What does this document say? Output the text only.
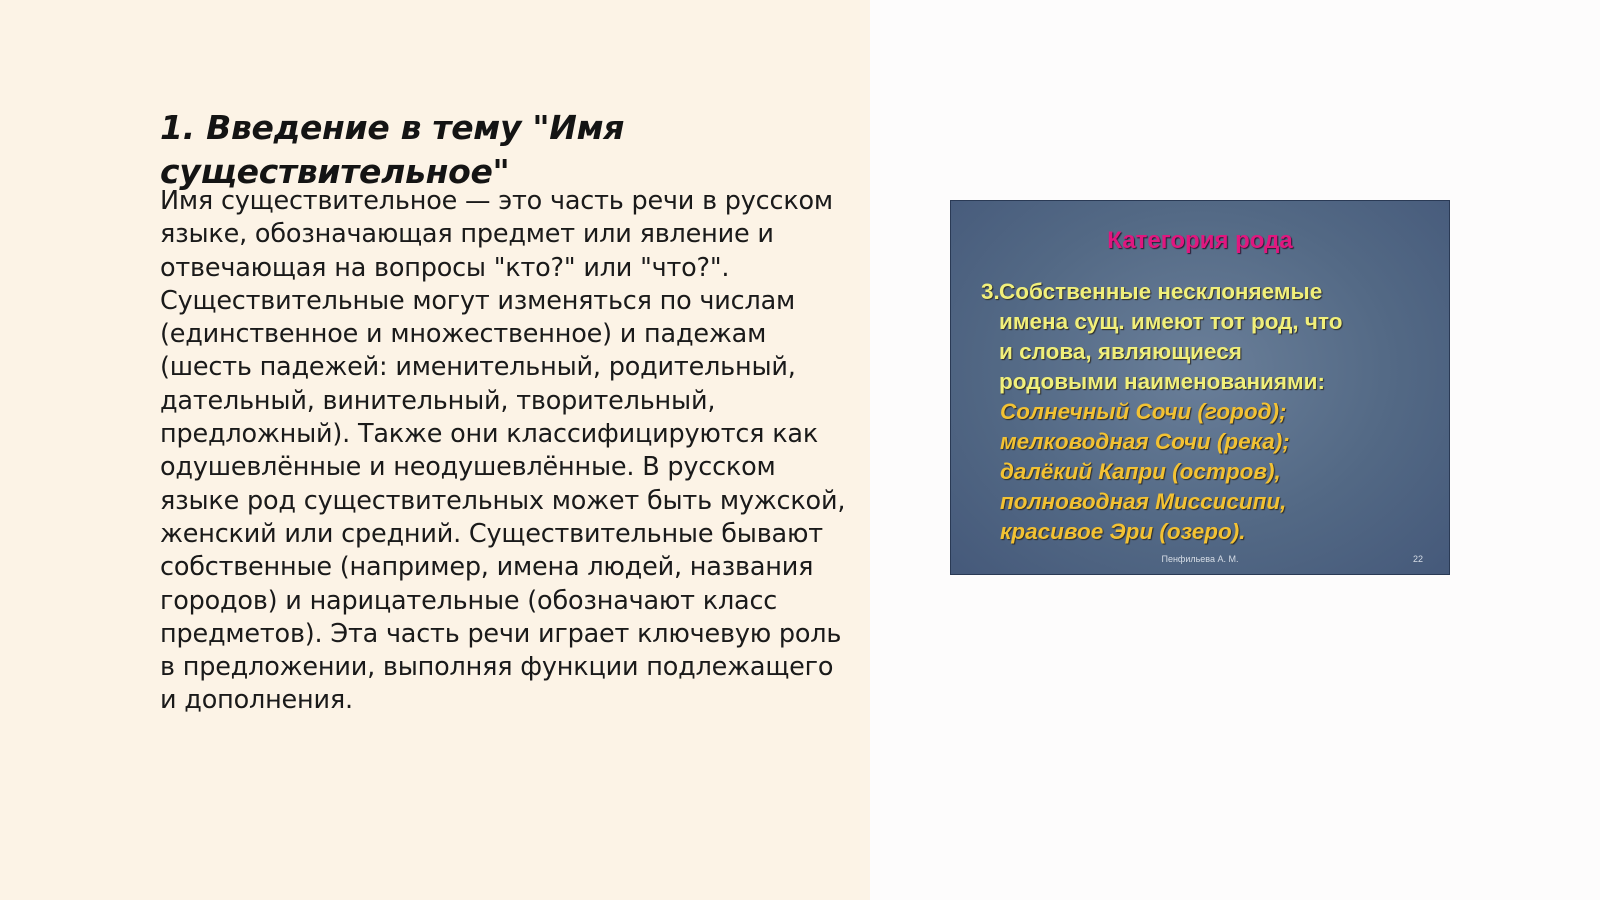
1. Введение в тему "Имя существительное"

Имя существительное — это часть речи в русском языке, обозначающая предмет или явление и отвечающая на вопросы "кто?" или "что?". Существительные могут изменяться по числам (единственное и множественное) и падежам (шесть падежей: именительный, родительный, дательный, винительный, творительный, предложный). Также они классифицируются как одушевлённые и неодушевлённые. В русском языке род существительных может быть мужской, женский или средний. Существительные бывают собственные (например, имена людей, названия городов) и нарицательные (обозначают класс предметов). Эта часть речи играет ключевую роль в предложении, выполняя функции подлежащего и дополнения.

Категория рода
3.Собственные несклоняемые
имена сущ. имеют тот род, что
и слова, являющиеся
родовыми наименованиями:
Солнечный Сочи (город);
мелководная Сочи (река);
далёкий Капри (остров),
полноводная Миссисипи,
красивое Эри (озеро).
Пенфильева А. М.	22
